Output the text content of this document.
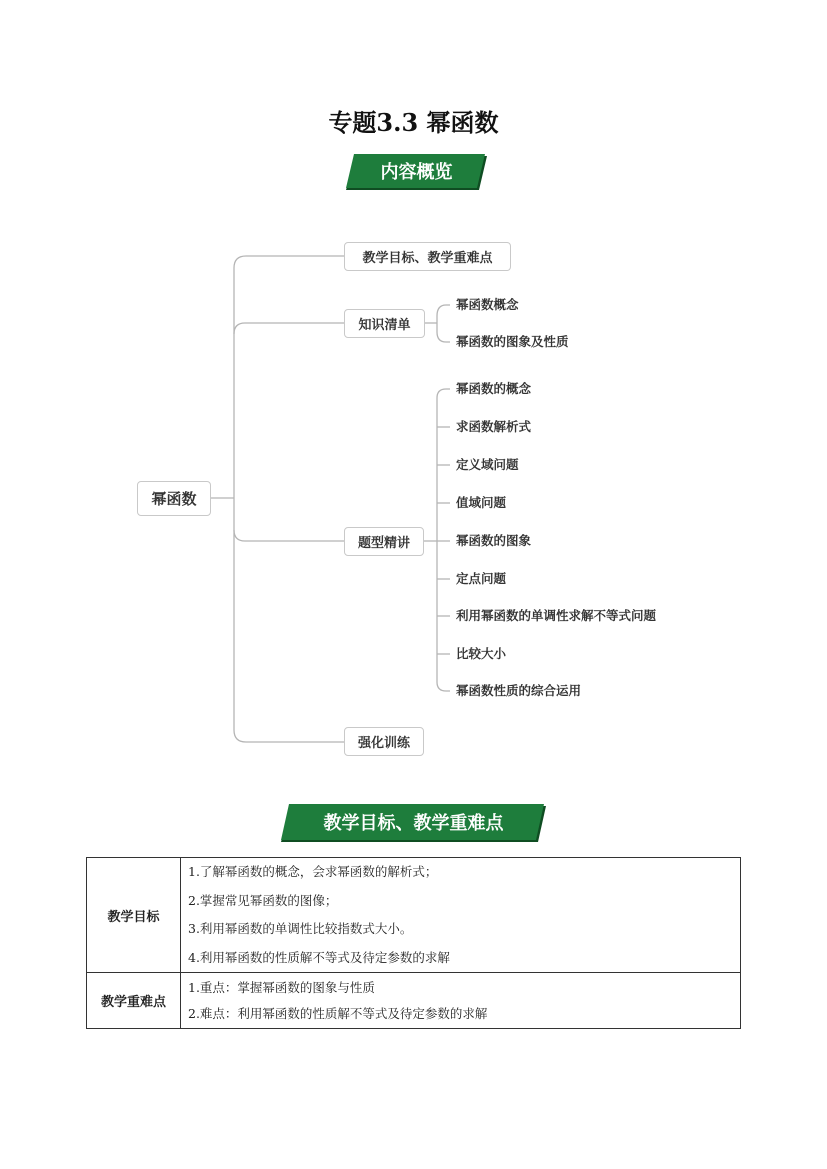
专题3.3 幂函数
内容概览
幂函数
教学目标、教学重难点
知识清单
题型精讲
强化训练
幂函数概念
幂函数的图象及性质
幂函数的概念
求函数解析式
定义域问题
值域问题
幂函数的图象
定点问题
利用幂函数的单调性求解不等式问题
比较大小
幂函数性质的综合运用
教学目标、教学重难点
教学目标	1.了解幂函数的概念，会求幂函数的解析式；
2.掌握常见幂函数的图像；
3.利用幂函数的单调性比较指数式大小。
4.利用幂函数的性质解不等式及待定参数的求解

教学重难点	1.重点：掌握幂函数的图象与性质
2.难点：利用幂函数的性质解不等式及待定参数的求解
